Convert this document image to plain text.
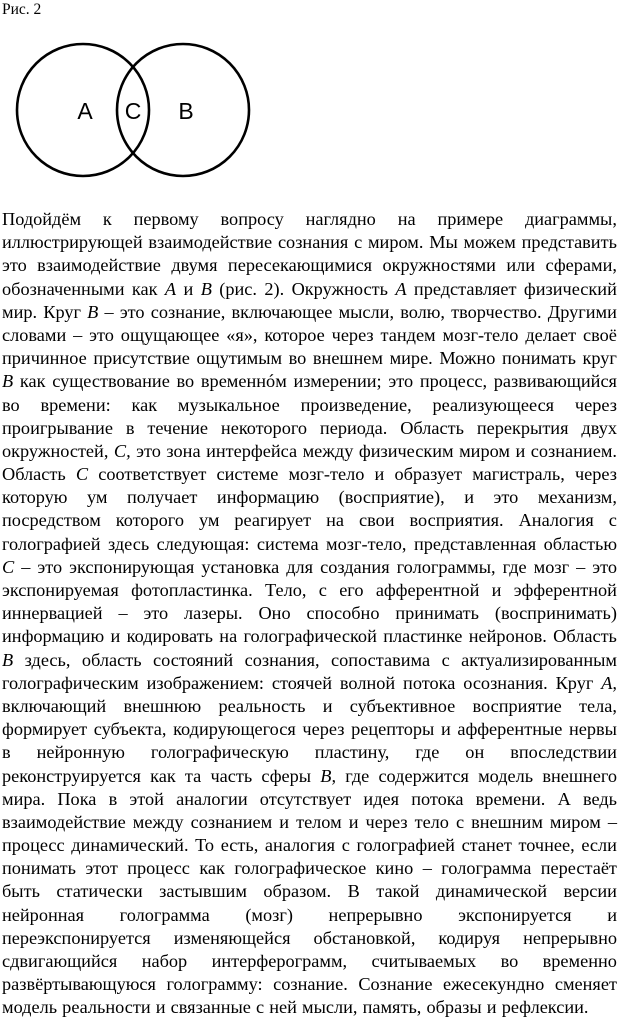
Рис. 2
A C B
Подойдём к первому вопросу наглядно на примере диаграммы,
иллюстрирующей взаимодействие сознания с миром. Мы можем представить
это взаимодействие двумя пересекающимися окружностями или сферами,
обозначенными как A и B (рис. 2). Окружность A представляет физический
мир. Круг B – это сознание, включающее мысли, волю, творчество. Другими
словами – это ощущающее «я», которое через тандем мозг-тело делает своё
причинное присутствие ощутимым во внешнем мире. Можно понимать круг
B как существование во временнóм измерении; это процесс, развивающийся
во времени: как музыкальное произведение, реализующееся через
проигрывание в течение некоторого периода. Область перекрытия двух
окружностей, C, это зона интерфейса между физическим миром и сознанием.
Область C соответствует системе мозг-тело и образует магистраль, через
которую ум получает информацию (восприятие), и это механизм,
посредством которого ум реагирует на свои восприятия. Аналогия с
голографией здесь следующая: система мозг-тело, представленная областью
C – это экспонирующая установка для создания голограммы, где мозг – это
экспонируемая фотопластинка. Тело, с его афферентной и эфферентной
иннервацией – это лазеры. Оно способно принимать (воспринимать)
информацию и кодировать на голографической пластинке нейронов. Область
B здесь, область состояний сознания, сопоставима с актуализированным
голографическим изображением: стоячей волной потока осознания. Круг A,
включающий внешнюю реальность и субъективное восприятие тела,
формирует субъекта, кодирующегося через рецепторы и афферентные нервы
в нейронную голографическую пластину, где он впоследствии
реконструируется как та часть сферы B, где содержится модель внешнего
мира. Пока в этой аналогии отсутствует идея потока времени. А ведь
взаимодействие между сознанием и телом и через тело с внешним миром –
процесс динамический. То есть, аналогия с голографией станет точнее, если
понимать этот процесс как голографическое кино – голограмма перестаёт
быть статически застывшим образом. В такой динамической версии
нейронная голограмма (мозг) непрерывно экспонируется и
переэкспонируется изменяющейся обстановкой, кодируя непрерывно
сдвигающийся набор интерферограмм, считываемых во временно
развёртывающуюся голограмму: сознание. Сознание ежесекундно сменяет
модель реальности и связанные с ней мысли, память, образы и рефлексии.
